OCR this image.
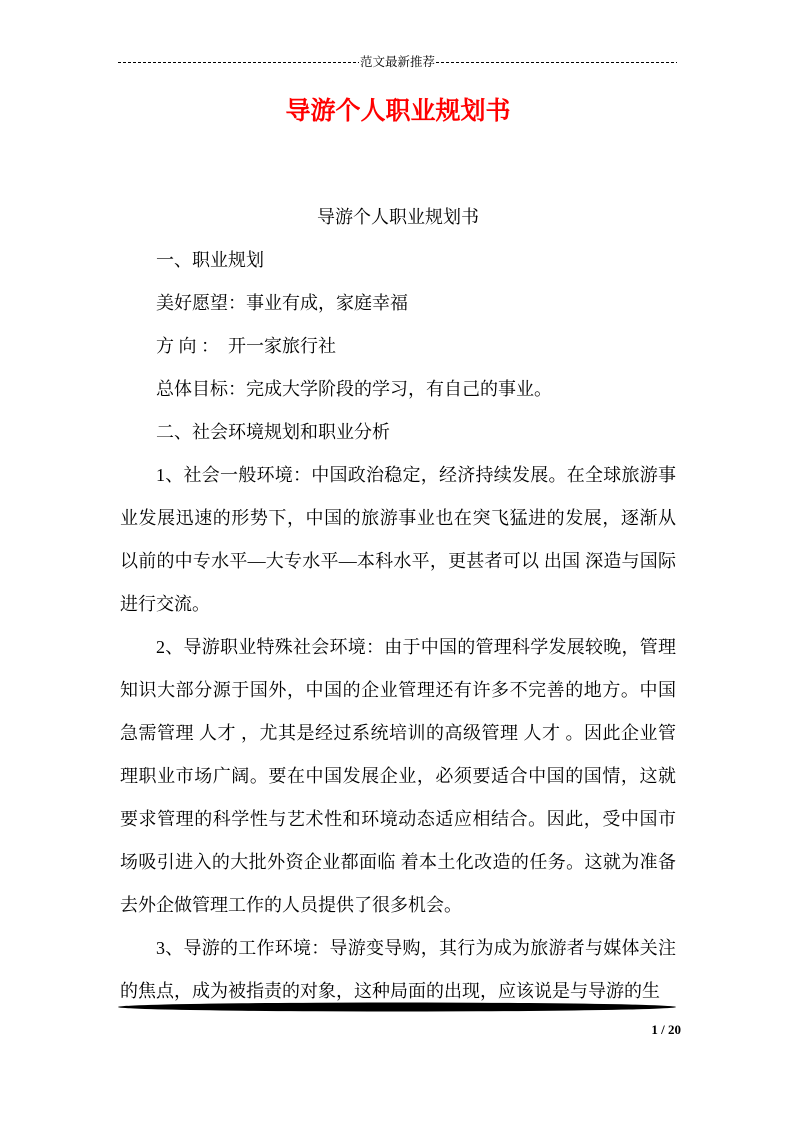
范文最新推荐
导游个人职业规划书

导游个人职业规划书

一、职业规划

美好愿望：事业有成，家庭幸福

方 向 ：  开一家旅行社

总体目标：完成大学阶段的学习，有自己的事业。

二、社会环境规划和职业分析

1、社会一般环境：中国政治稳定，经济持续发展。在全球旅游事业发展迅速的形势下，中国的旅游事业也在突飞猛进的发展，逐渐从以前的中专水平—大专水平—本科水平，更甚者可以 出国 深造与国际进行交流。

2、导游职业特殊社会环境：由于中国的管理科学发展较晚，管理知识大部分源于国外，中国的企业管理还有许多不完善的地方。中国急需管理 人才 ，尤其是经过系统培训的高级管理 人才 。因此企业管理职业市场广阔。要在中国发展企业，必须要适合中国的国情，这就要求管理的科学性与艺术性和环境动态适应相结合。因此，受中国市场吸引进入的大批外资企业都面临 着本土化改造的任务。这就为准备去外企做管理工作的人员提供了很多机会。

3、导游的工作环境：导游变导购，其行为成为旅游者与媒体关注的焦点，成为被指责的对象，这种局面的出现，应该说是与导游的生

1 / 20
